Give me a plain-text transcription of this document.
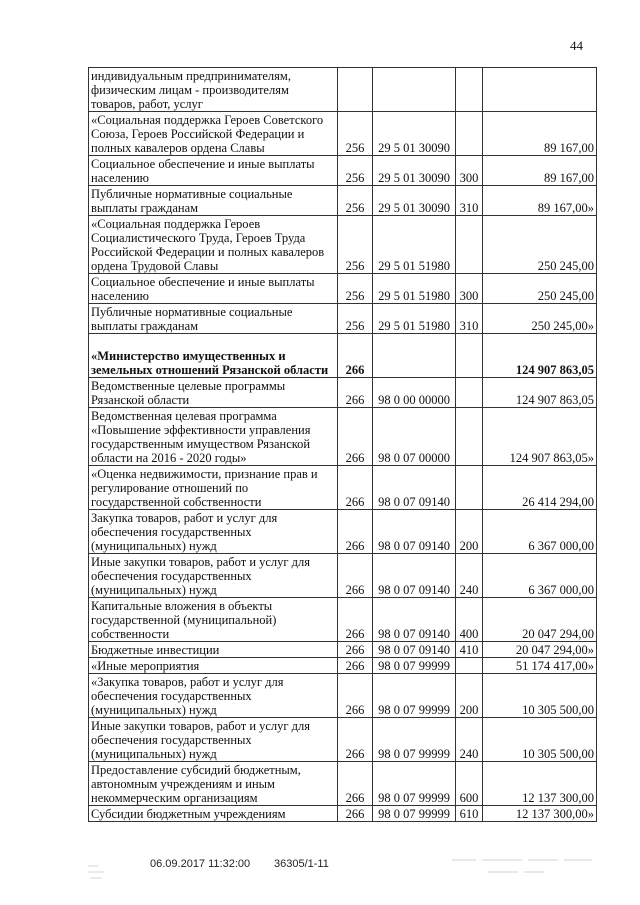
44
индивидуальным предпринимателям, физическим лицам - производителям товаров, работ, услуг				
«Социальная поддержка Героев Советского Союза, Героев Российской Федерации и полных кавалеров ордена Славы	256	29 5 01 30090		89 167,00
Социальное обеспечение и иные выплаты населению	256	29 5 01 30090	300	89 167,00
Публичные нормативные социальные выплаты гражданам	256	29 5 01 30090	310	89 167,00»
«Социальная поддержка Героев Социалистического Труда, Героев Труда Российской Федерации и полных кавалеров ордена Трудовой Славы	256	29 5 01 51980		250 245,00
Социальное обеспечение и иные выплаты населению	256	29 5 01 51980	300	250 245,00
Публичные нормативные социальные выплаты гражданам	256	29 5 01 51980	310	250 245,00»
«Министерство имущественных и земельных отношений Рязанской области	266			124 907 863,05
Ведомственные целевые программы Рязанской области	266	98 0 00 00000		124 907 863,05
Ведомственная целевая программа «Повышение эффективности управления государственным имуществом Рязанской области на 2016 - 2020 годы»	266	98 0 07 00000		124 907 863,05»
«Оценка недвижимости, признание прав и регулирование отношений по государственной собственности	266	98 0 07 09140		26 414 294,00
Закупка товаров, работ и услуг для обеспечения государственных (муниципальных) нужд	266	98 0 07 09140	200	6 367 000,00
Иные закупки товаров, работ и услуг для обеспечения государственных (муниципальных) нужд	266	98 0 07 09140	240	6 367 000,00
Капитальные вложения в объекты государственной (муниципальной) собственности	266	98 0 07 09140	400	20 047 294,00
Бюджетные инвестиции	266	98 0 07 09140	410	20 047 294,00»
«Иные мероприятия	266	98 0 07 99999		51 174 417,00»
«Закупка товаров, работ и услуг для обеспечения государственных (муниципальных) нужд	266	98 0 07 99999	200	10 305 500,00
Иные закупки товаров, работ и услуг для обеспечения государственных (муниципальных) нужд	266	98 0 07 99999	240	10 305 500,00
Предоставление субсидий бюджетным, автономным учреждениям и иным некоммерческим организациям	266	98 0 07 99999	600	12 137 300,00
Субсидии бюджетным учреждениям	266	98 0 07 99999	610	12 137 300,00»
06.09.2017 11:32:00 36305/1-11
